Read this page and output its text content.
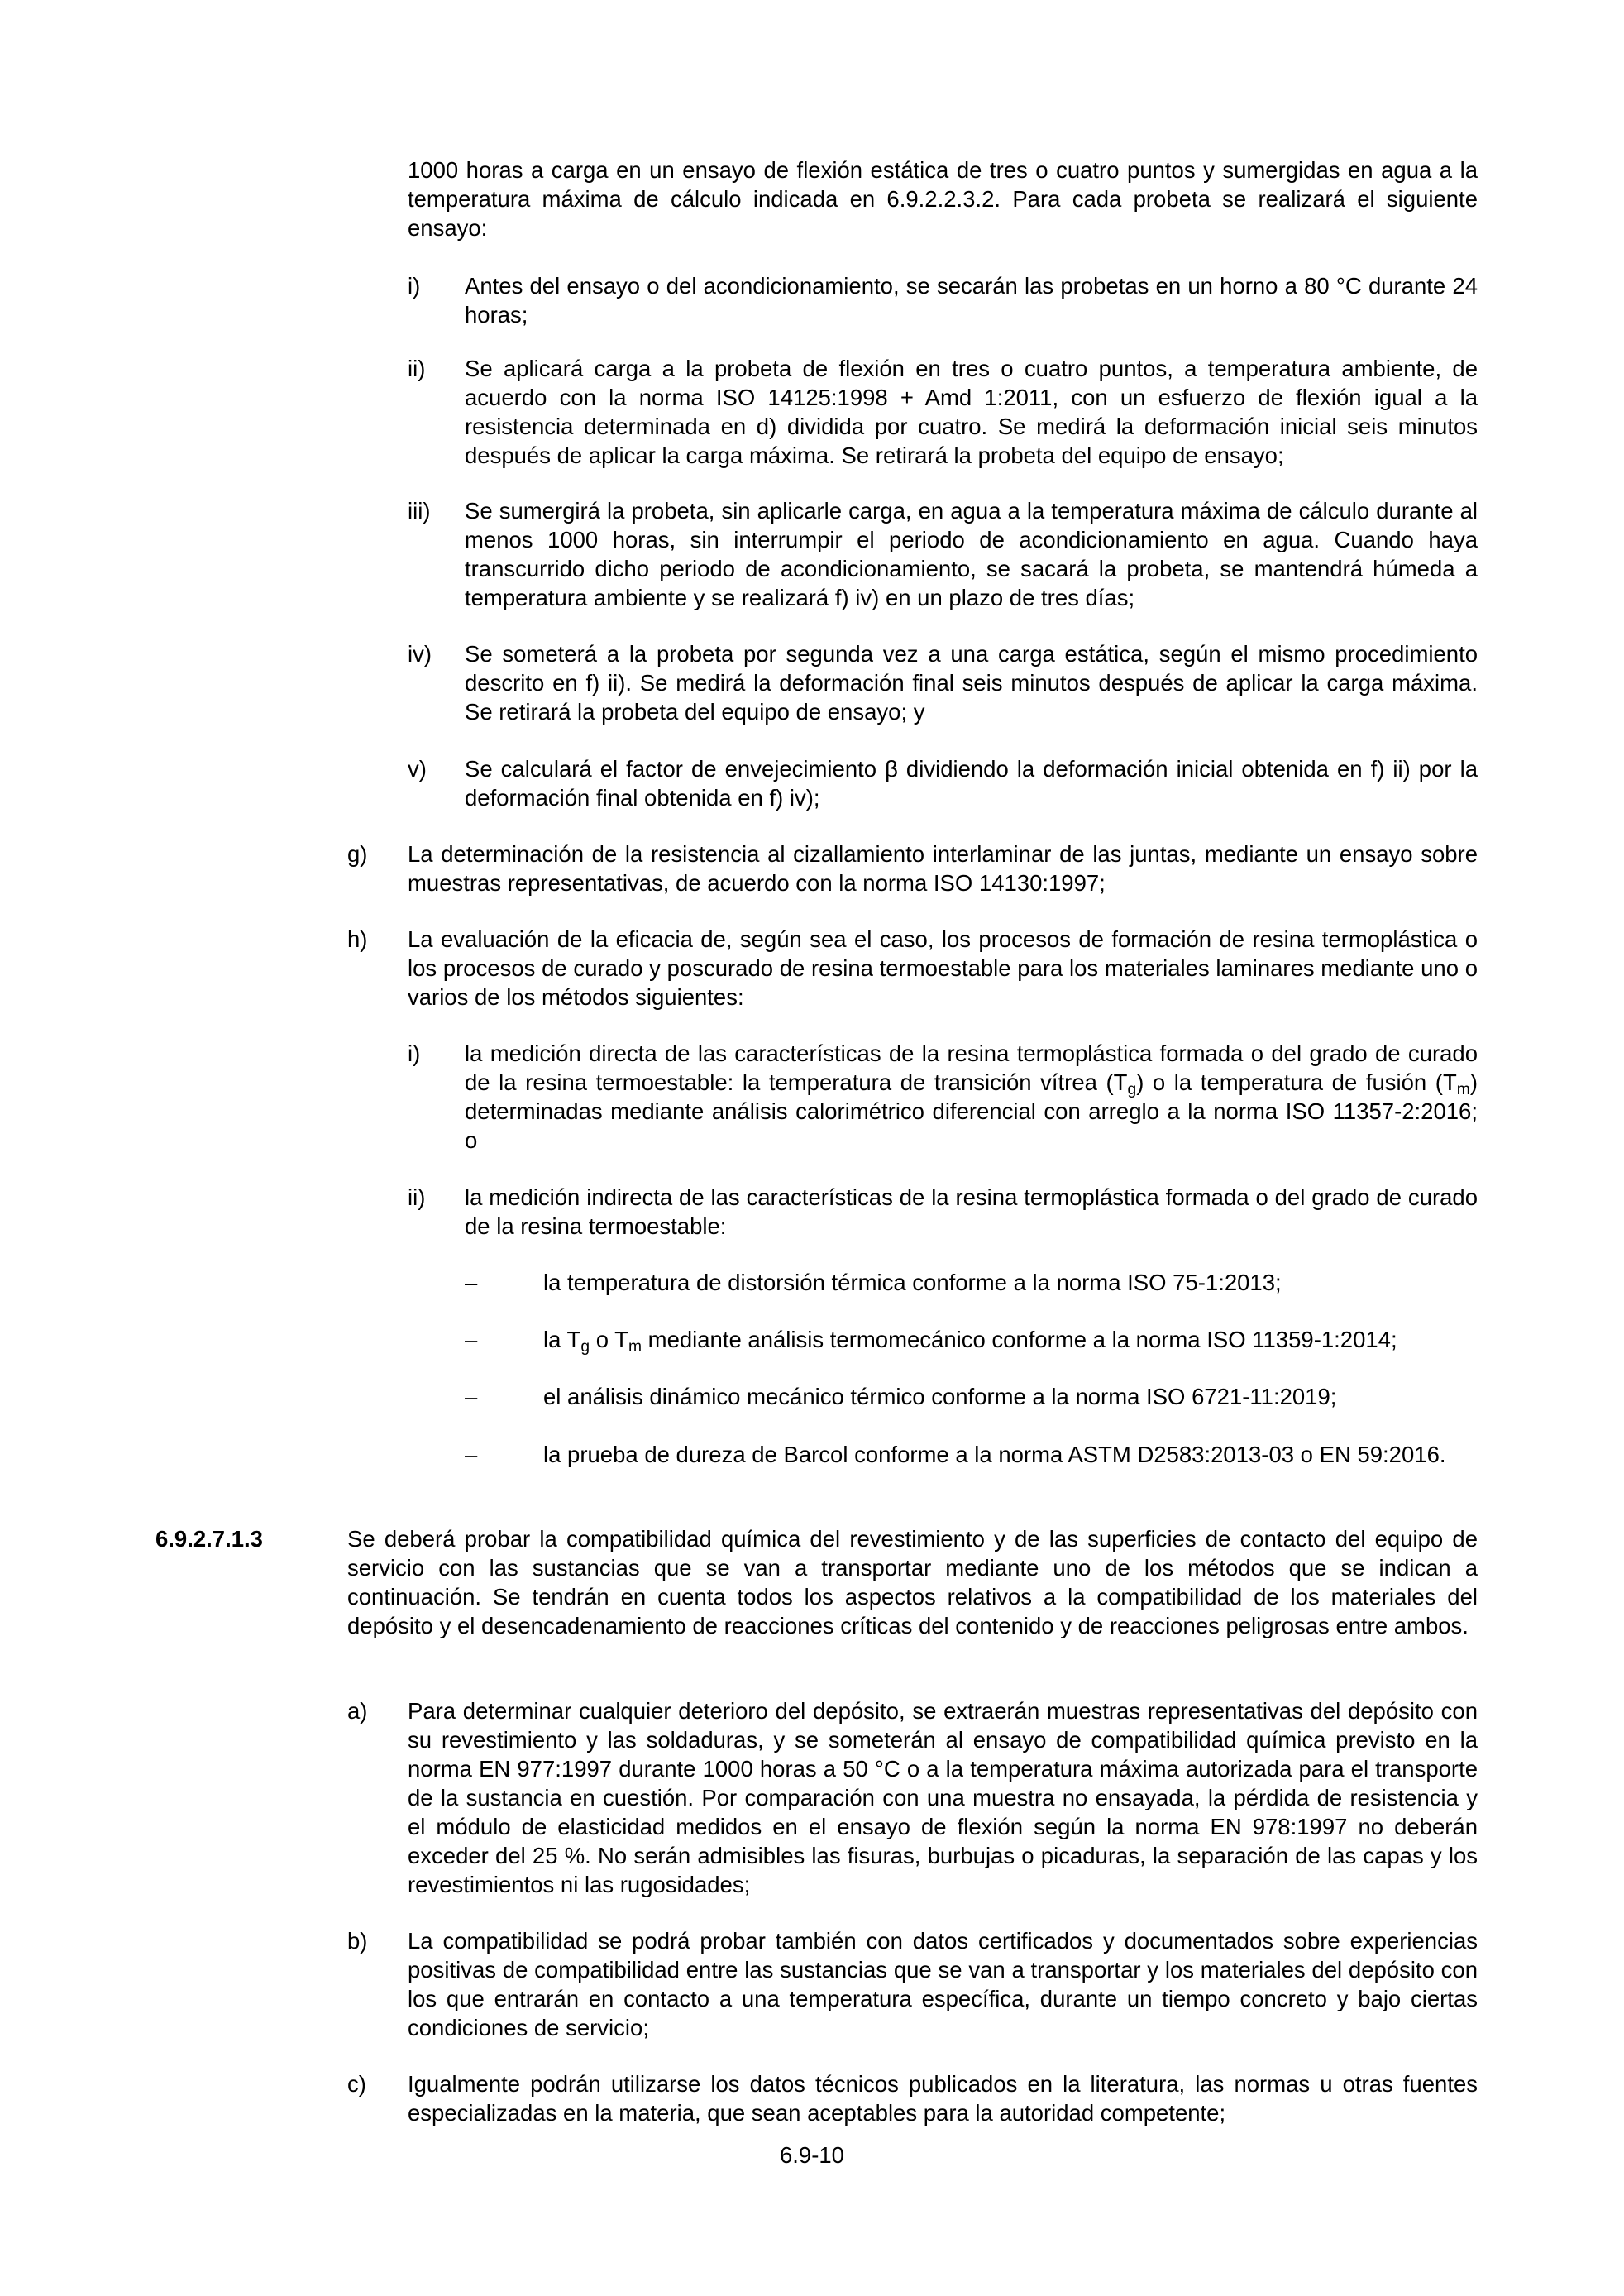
1000 horas a carga en un ensayo de flexión estática de tres o cuatro puntos y sumergidas en agua a la temperatura máxima de cálculo indicada en 6.9.2.2.3.2. Para cada probeta se realizará el siguiente ensayo:

i) Antes del ensayo o del acondicionamiento, se secarán las probetas en un horno a 80 °C durante 24 horas;

ii) Se aplicará carga a la probeta de flexión en tres o cuatro puntos, a temperatura ambiente, de acuerdo con la norma ISO 14125:1998 + Amd 1:2011, con un esfuerzo de flexión igual a la resistencia determinada en d) dividida por cuatro. Se medirá la deformación inicial seis minutos después de aplicar la carga máxima. Se retirará la probeta del equipo de ensayo;

iii) Se sumergirá la probeta, sin aplicarle carga, en agua a la temperatura máxima de cálculo durante al menos 1000 horas, sin interrumpir el periodo de acondicionamiento en agua. Cuando haya transcurrido dicho periodo de acondicionamiento, se sacará la probeta, se mantendrá húmeda a temperatura ambiente y se realizará f) iv) en un plazo de tres días;

iv) Se someterá a la probeta por segunda vez a una carga estática, según el mismo procedimiento descrito en f) ii). Se medirá la deformación final seis minutos después de aplicar la carga máxima. Se retirará la probeta del equipo de ensayo; y

v) Se calculará el factor de envejecimiento β dividiendo la deformación inicial obtenida en f) ii) por la deformación final obtenida en f) iv);

g) La determinación de la resistencia al cizallamiento interlaminar de las juntas, mediante un ensayo sobre muestras representativas, de acuerdo con la norma ISO 14130:1997;

h) La evaluación de la eficacia de, según sea el caso, los procesos de formación de resina termoplástica o los procesos de curado y poscurado de resina termoestable para los materiales laminares mediante uno o varios de los métodos siguientes:

i) la medición directa de las características de la resina termoplástica formada o del grado de curado de la resina termoestable: la temperatura de transición vítrea $(T_g)$ o la temperatura de fusión $(T_m)$ determinadas mediante análisis calorimétrico diferencial con arreglo a la norma ISO 11357-2:2016; o

ii) la medición indirecta de las características de la resina termoplástica formada o del grado de curado de la resina termoestable:

–	la temperatura de distorsión térmica conforme a la norma ISO 75-1:2013;

–	la $T_g$ o $T_m$ mediante análisis termomecánico conforme a la norma ISO 11359-1:2014;

–	el análisis dinámico mecánico térmico conforme a la norma ISO 6721-11:2019;

–	la prueba de dureza de Barcol conforme a la norma ASTM D2583:2013-03 o EN 59:2016.

6.9.2.7.1.3	Se deberá probar la compatibilidad química del revestimiento y de las superficies de contacto del equipo de servicio con las sustancias que se van a transportar mediante uno de los métodos que se indican a continuación. Se tendrán en cuenta todos los aspectos relativos a la compatibilidad de los materiales del depósito y el desencadenamiento de reacciones críticas del contenido y de reacciones peligrosas entre ambos.

a) Para determinar cualquier deterioro del depósito, se extraerán muestras representativas del depósito con su revestimiento y las soldaduras, y se someterán al ensayo de compatibilidad química previsto en la norma EN 977:1997 durante 1000 horas a 50 °C o a la temperatura máxima autorizada para el transporte de la sustancia en cuestión. Por comparación con una muestra no ensayada, la pérdida de resistencia y el módulo de elasticidad medidos en el ensayo de flexión según la norma EN 978:1997 no deberán exceder del 25 %. No serán admisibles las fisuras, burbujas o picaduras, la separación de las capas y los revestimientos ni las rugosidades;

b) La compatibilidad se podrá probar también con datos certificados y documentados sobre experiencias positivas de compatibilidad entre las sustancias que se van a transportar y los materiales del depósito con los que entrarán en contacto a una temperatura específica, durante un tiempo concreto y bajo ciertas condiciones de servicio;

c) Igualmente podrán utilizarse los datos técnicos publicados en la literatura, las normas u otras fuentes especializadas en la materia, que sean aceptables para la autoridad competente;

6.9-10
